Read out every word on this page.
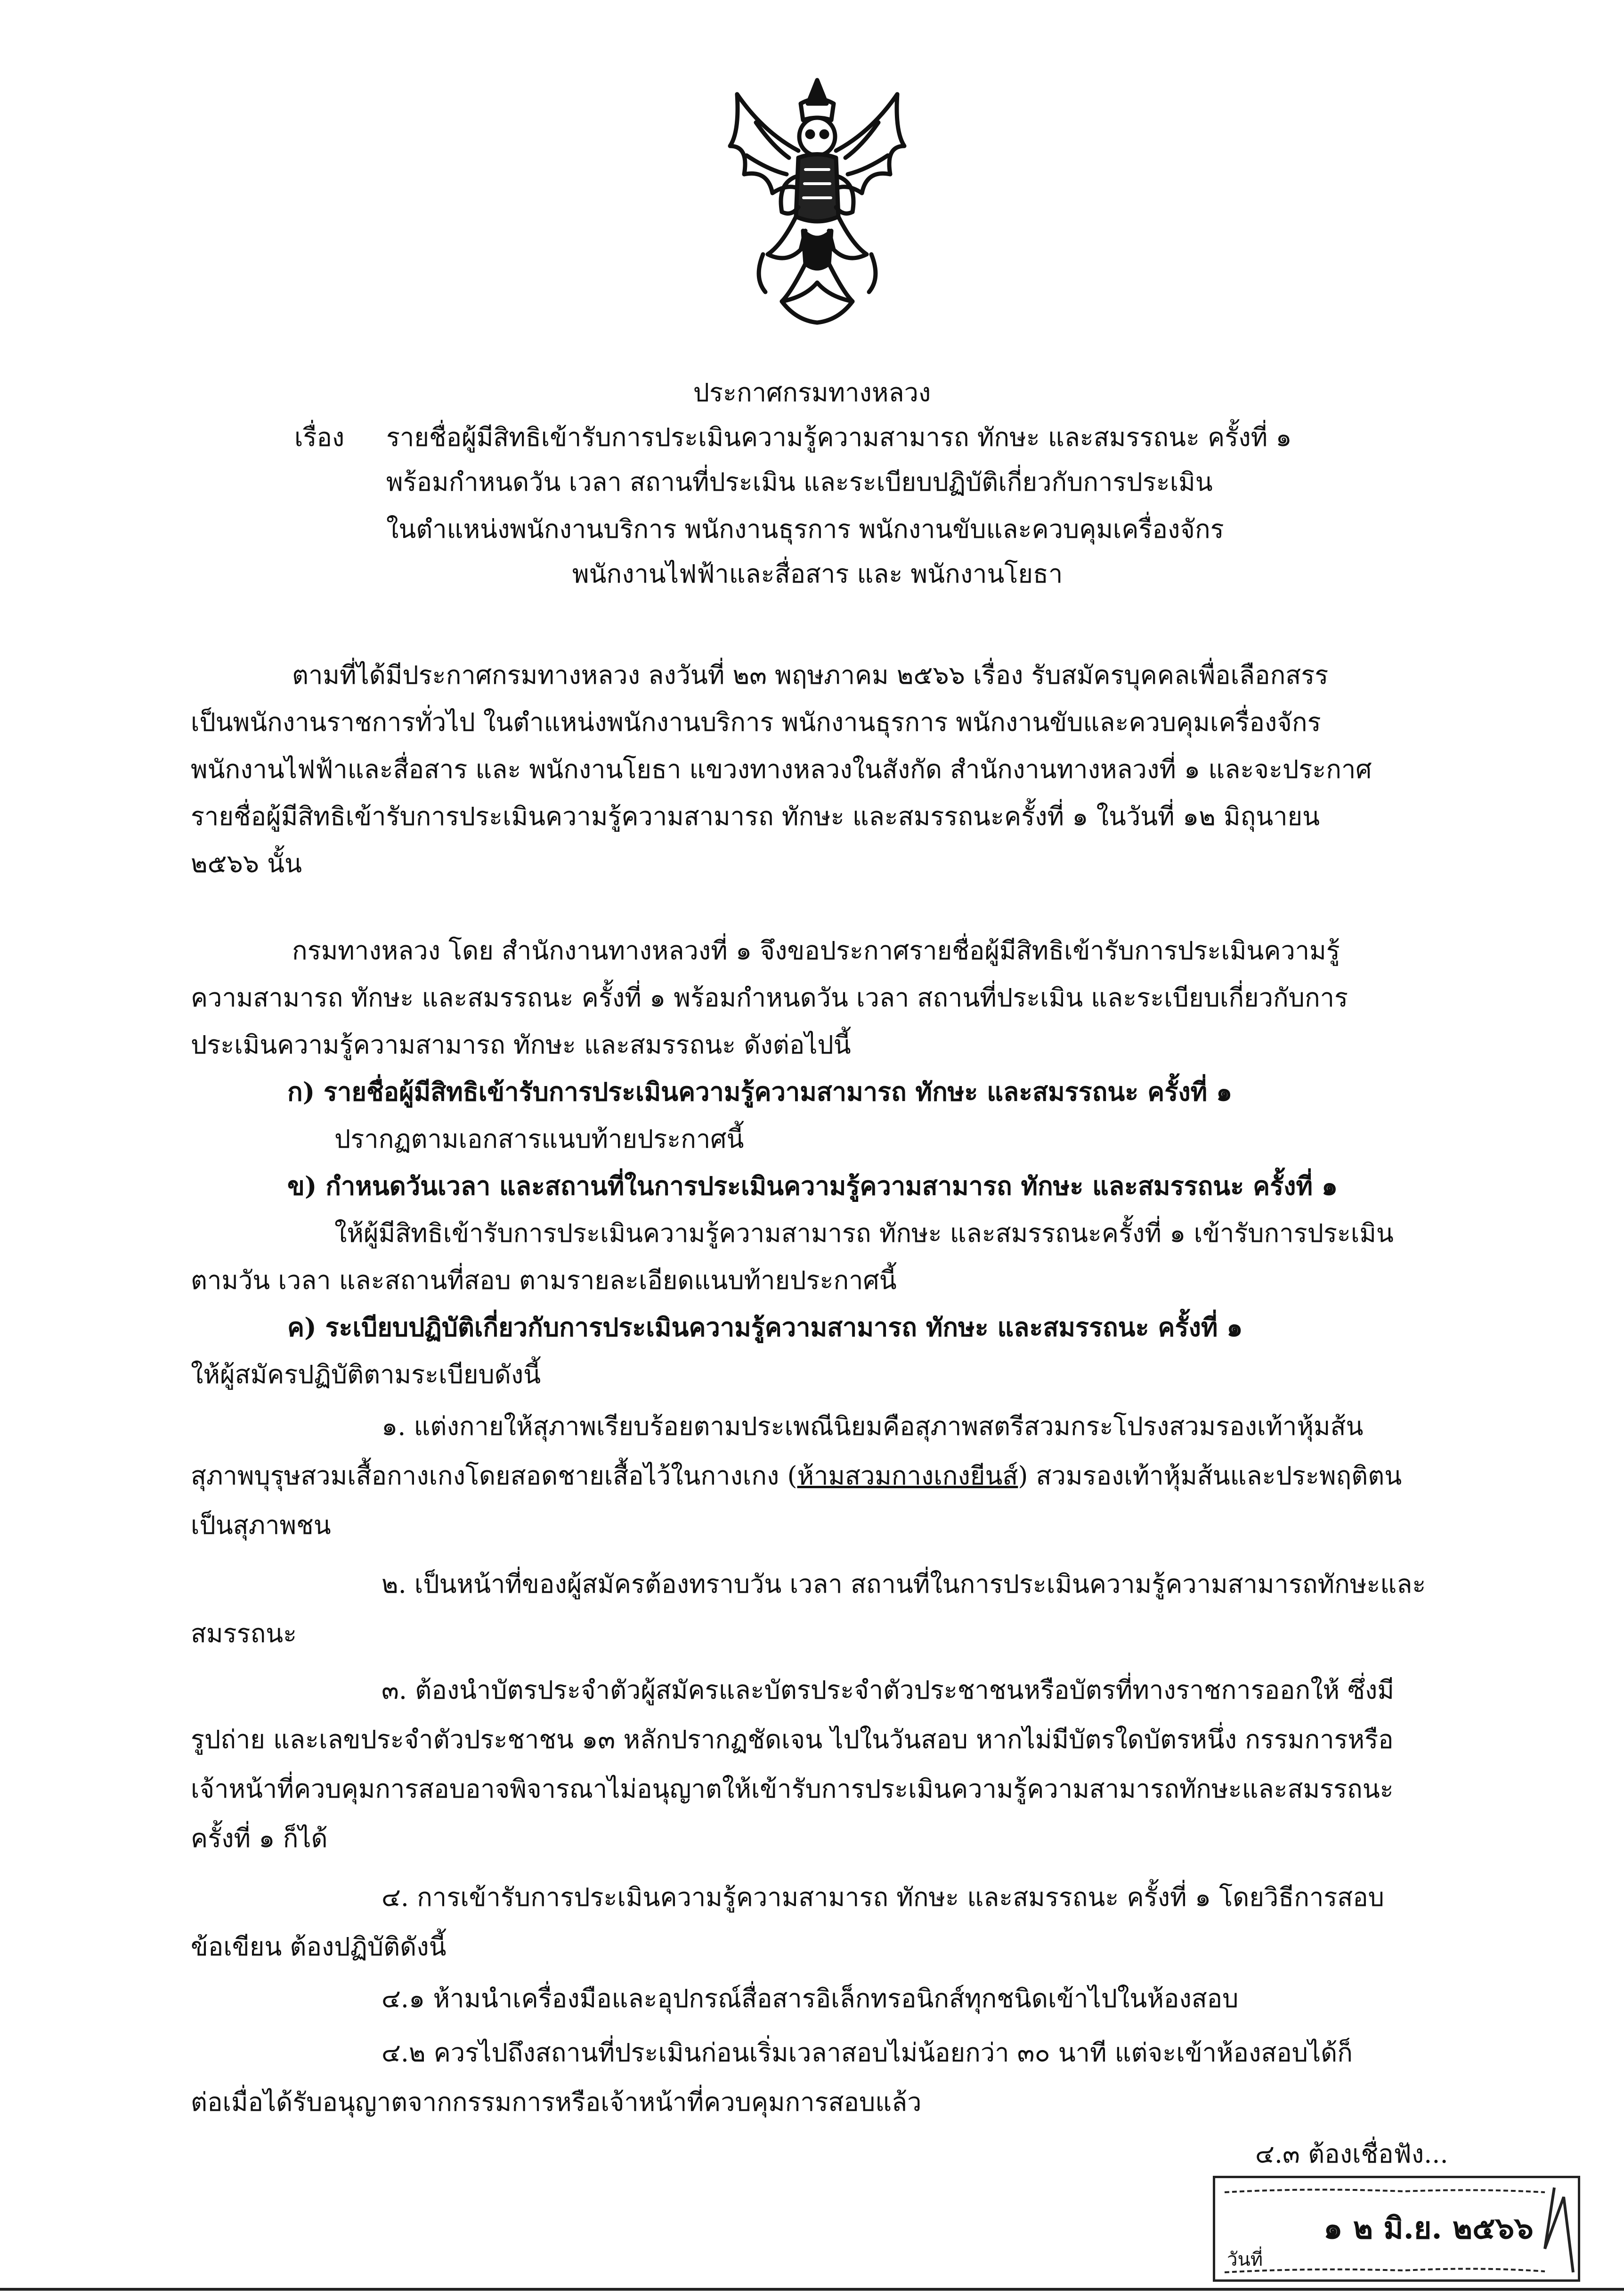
ประกาศกรมทางหลวง
เรื่อง รายชื่อผู้มีสิทธิเข้ารับการประเมินความรู้ความสามารถ ทักษะ และสมรรถนะ ครั้งที่ ๑
พร้อมกำหนดวัน เวลา สถานที่ประเมิน และระเบียบปฏิบัติเกี่ยวกับการประเมิน
ในตำแหน่งพนักงานบริการ พนักงานธุรการ พนักงานขับและควบคุมเครื่องจักร
พนักงานไฟฟ้าและสื่อสาร และ พนักงานโยธา
ตามที่ได้มีประกาศกรมทางหลวง ลงวันที่ ๒๓ พฤษภาคม ๒๕๖๖ เรื่อง รับสมัครบุคคลเพื่อเลือกสรร
เป็นพนักงานราชการทั่วไป ในตำแหน่งพนักงานบริการ พนักงานธุรการ พนักงานขับและควบคุมเครื่องจักร
พนักงานไฟฟ้าและสื่อสาร และ พนักงานโยธา แขวงทางหลวงในสังกัด สำนักงานทางหลวงที่ ๑ และจะประกาศ
รายชื่อผู้มีสิทธิเข้ารับการประเมินความรู้ความสามารถ ทักษะ และสมรรถนะครั้งที่ ๑ ในวันที่ ๑๒ มิถุนายน
๒๕๖๖ นั้น
กรมทางหลวง โดย สำนักงานทางหลวงที่ ๑ จึงขอประกาศรายชื่อผู้มีสิทธิเข้ารับการประเมินความรู้
ความสามารถ ทักษะ และสมรรถนะ ครั้งที่ ๑ พร้อมกำหนดวัน เวลา สถานที่ประเมิน และระเบียบเกี่ยวกับการ
ประเมินความรู้ความสามารถ ทักษะ และสมรรถนะ ดังต่อไปนี้
ก) รายชื่อผู้มีสิทธิเข้ารับการประเมินความรู้ความสามารถ ทักษะ และสมรรถนะ ครั้งที่ ๑
ปรากฏตามเอกสารแนบท้ายประกาศนี้
ข) กำหนดวันเวลา และสถานที่ในการประเมินความรู้ความสามารถ ทักษะ และสมรรถนะ ครั้งที่ ๑
ให้ผู้มีสิทธิเข้ารับการประเมินความรู้ความสามารถ ทักษะ และสมรรถนะครั้งที่ ๑ เข้ารับการประเมิน
ตามวัน เวลา และสถานที่สอบ ตามรายละเอียดแนบท้ายประกาศนี้
ค) ระเบียบปฏิบัติเกี่ยวกับการประเมินความรู้ความสามารถ ทักษะ และสมรรถนะ ครั้งที่ ๑
ให้ผู้สมัครปฏิบัติตามระเบียบดังนี้
๑. แต่งกายให้สุภาพเรียบร้อยตามประเพณีนิยมคือสุภาพสตรีสวมกระโปรงสวมรองเท้าหุ้มส้น
สุภาพบุรุษสวมเสื้อกางเกงโดยสอดชายเสื้อไว้ในกางเกง (ห้ามสวมกางเกงยีนส์) สวมรองเท้าหุ้มส้นและประพฤติตน
เป็นสุภาพชน
๒. เป็นหน้าที่ของผู้สมัครต้องทราบวัน เวลา สถานที่ในการประเมินความรู้ความสามารถทักษะและ
สมรรถนะ
๓. ต้องนำบัตรประจำตัวผู้สมัครและบัตรประจำตัวประชาชนหรือบัตรที่ทางราชการออกให้ ซึ่งมี
รูปถ่าย และเลขประจำตัวประชาชน ๑๓ หลักปรากฏชัดเจน ไปในวันสอบ หากไม่มีบัตรใดบัตรหนึ่ง กรรมการหรือ
เจ้าหน้าที่ควบคุมการสอบอาจพิจารณาไม่อนุญาตให้เข้ารับการประเมินความรู้ความสามารถทักษะและสมรรถนะ
ครั้งที่ ๑ ก็ได้
๔. การเข้ารับการประเมินความรู้ความสามารถ ทักษะ และสมรรถนะ ครั้งที่ ๑ โดยวิธีการสอบ
ข้อเขียน ต้องปฏิบัติดังนี้
๔.๑ ห้ามนำเครื่องมือและอุปกรณ์สื่อสารอิเล็กทรอนิกส์ทุกชนิดเข้าไปในห้องสอบ
๔.๒ ควรไปถึงสถานที่ประเมินก่อนเริ่มเวลาสอบไม่น้อยกว่า ๓๐ นาที แต่จะเข้าห้องสอบได้ก็
ต่อเมื่อได้รับอนุญาตจากกรรมการหรือเจ้าหน้าที่ควบคุมการสอบแล้ว
๔.๓ ต้องเชื่อฟัง...
๑ ๒ มิ.ย. ๒๕๖๖
วันที่
